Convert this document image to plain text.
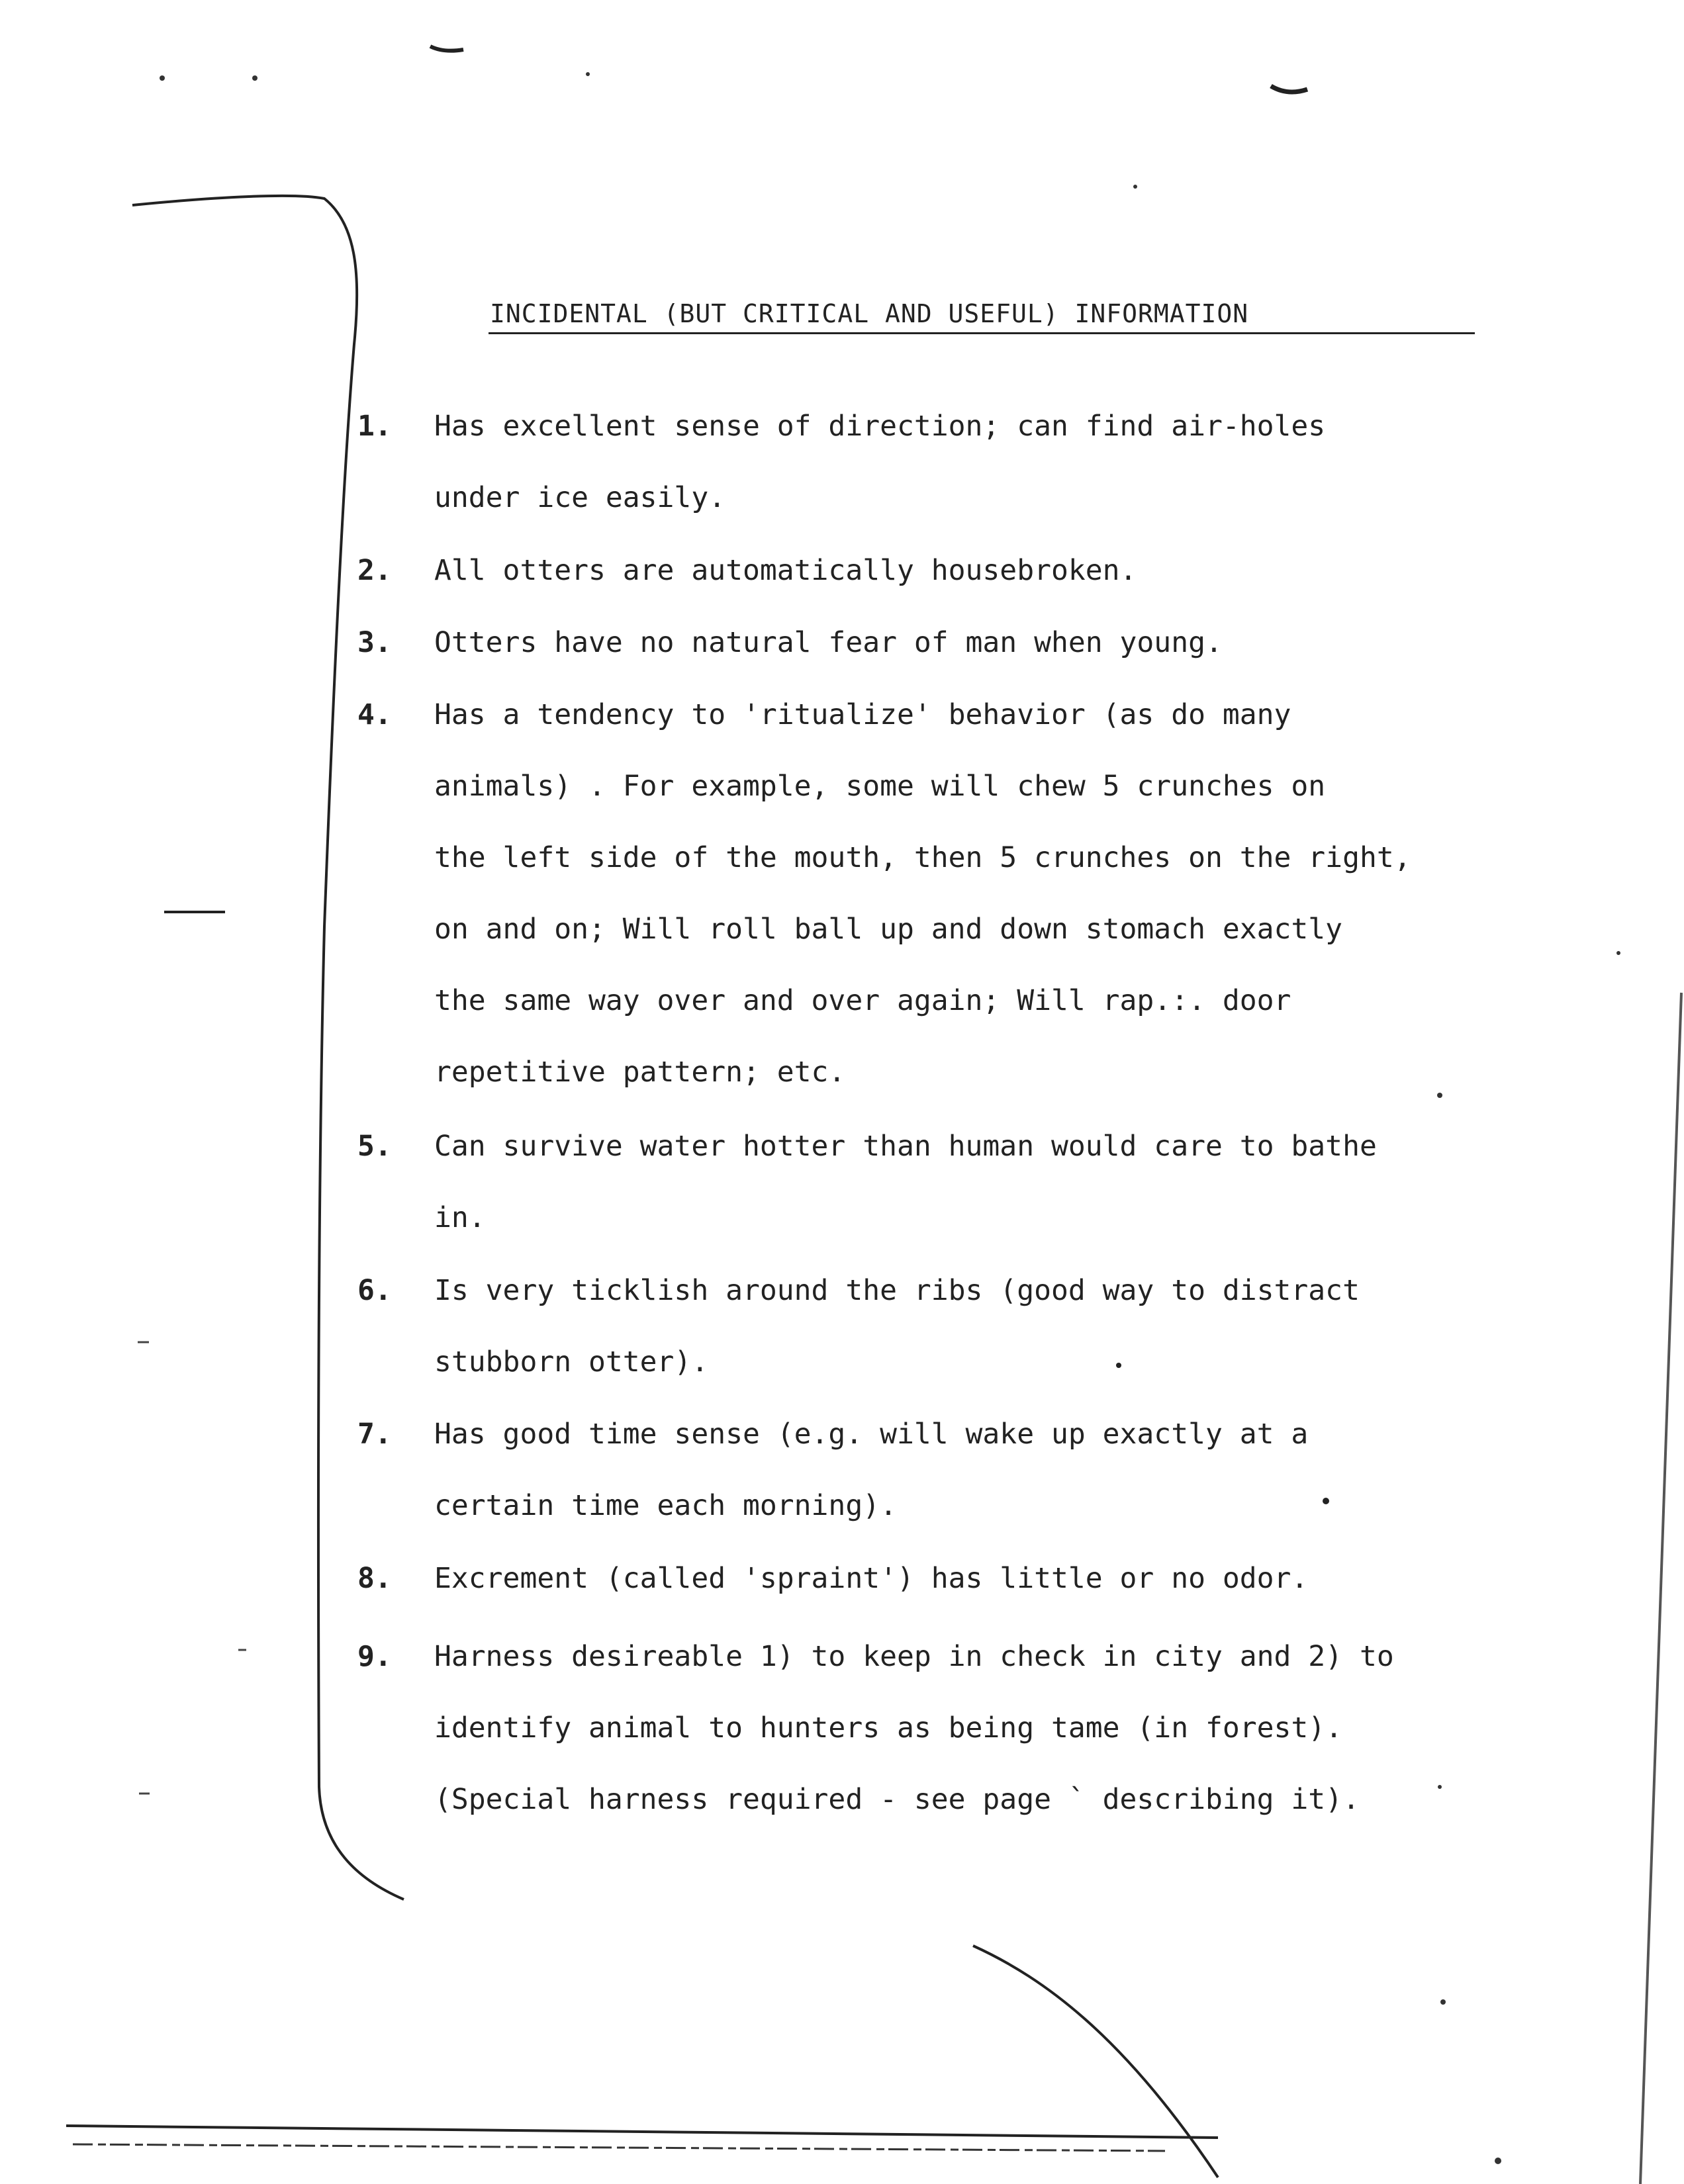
INCIDENTAL (BUT CRITICAL AND USEFUL) INFORMATION
1.	Has excellent sense of direction; can find air-holes
under ice easily.
2.	All otters are automatically housebroken.
3.	Otters have no natural fear of man when young.
4.	Has a tendency to 'ritualize' behavior (as do many
animals) . For example, some will chew 5 crunches on
the left side of the mouth, then 5 crunches on the right,
on and on; Will roll ball up and down stomach exactly
the same way over and over again; Will rap.:. door
repetitive pattern; etc.
5.	Can survive water hotter than human would care to bathe
in.
6.	Is very ticklish around the ribs (good way to distract
stubborn otter).
7.	Has good time sense (e.g. will wake up exactly at a
certain time each morning).
8.	Excrement (called 'spraint') has little or no odor.
9.	Harness desireable 1) to keep in check in city and 2) to
identify animal to hunters as being tame (in forest).
(Special harness required - see page ` describing it).
